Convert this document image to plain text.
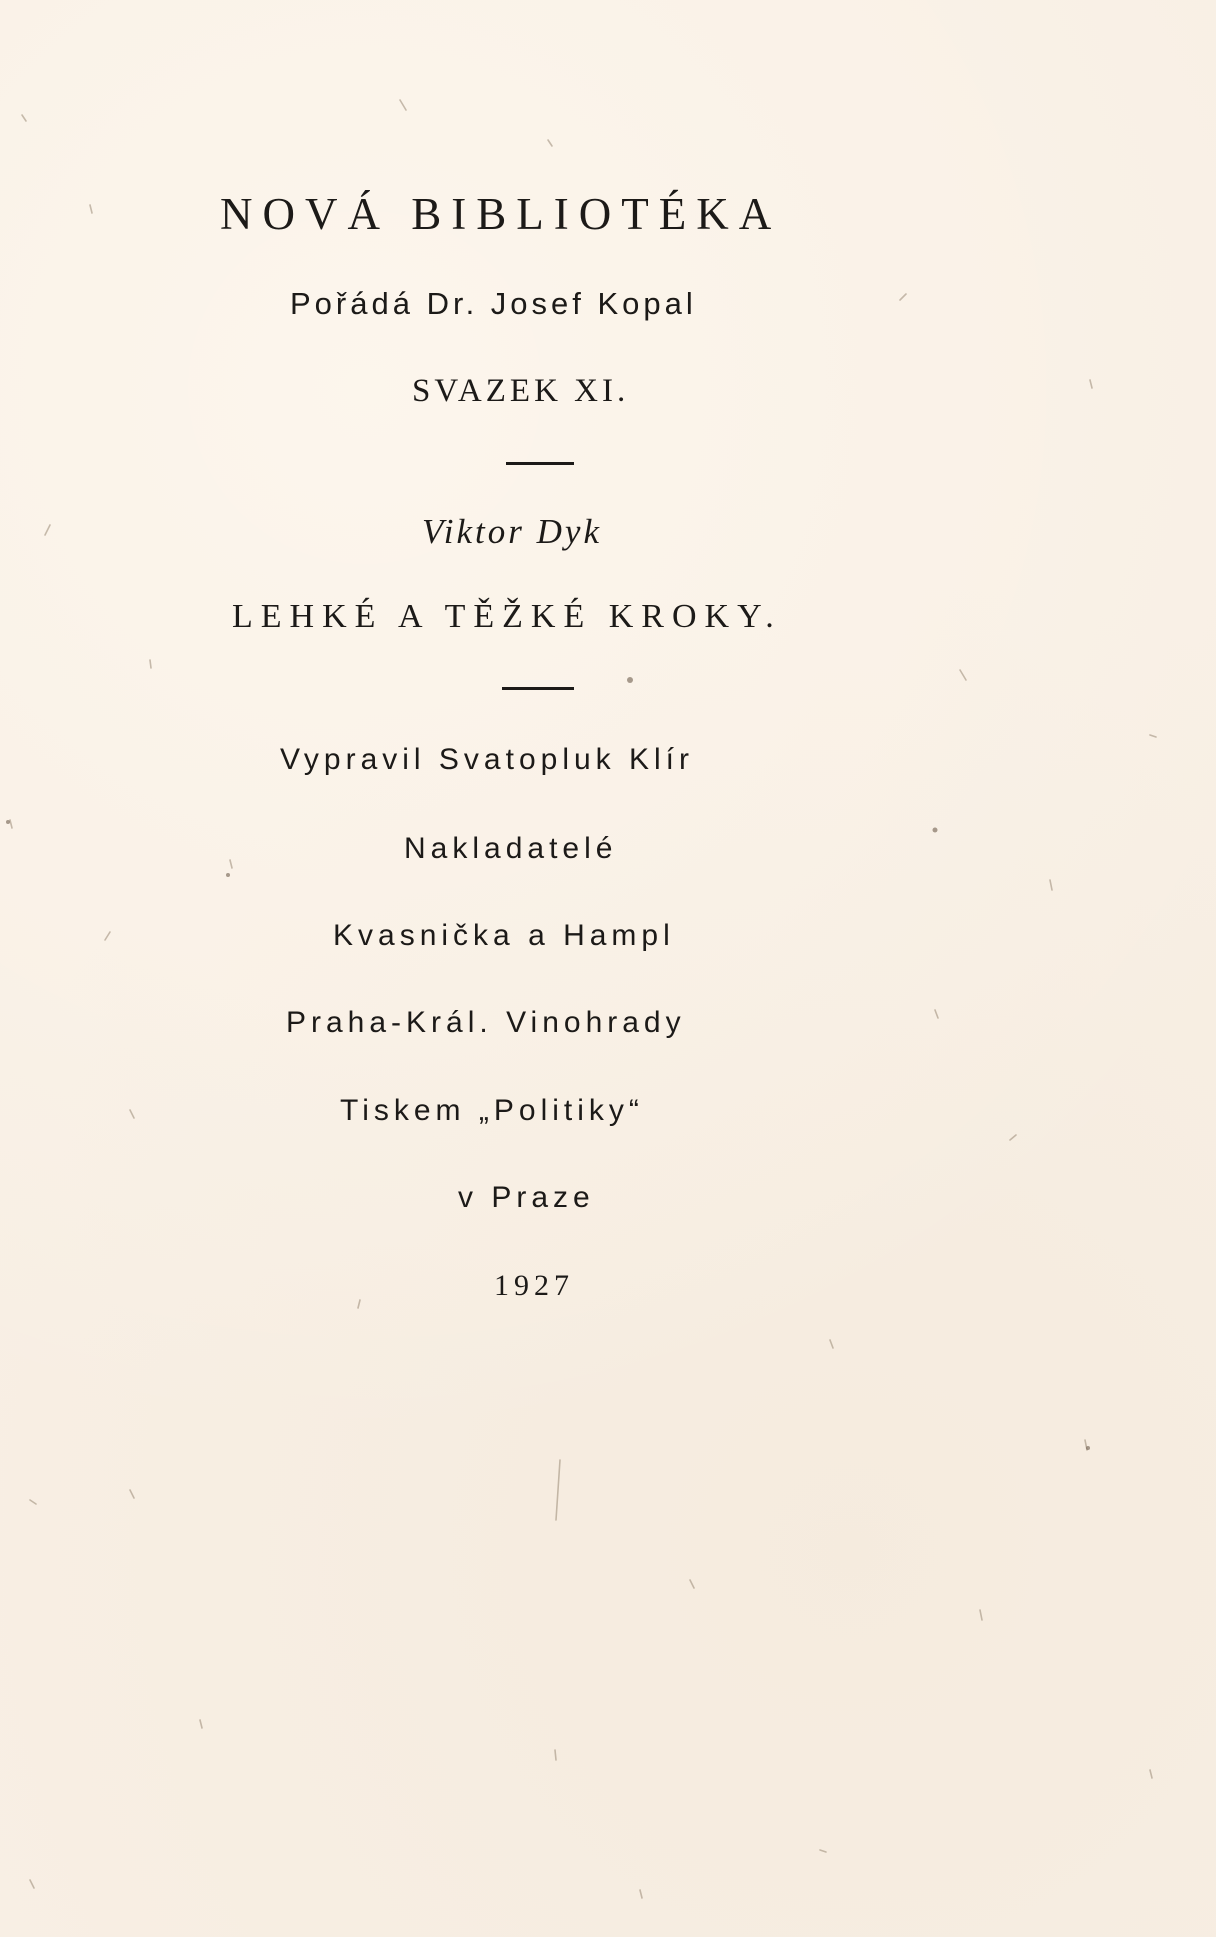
NOVÁ BIBLIOTÉKA
Pořádá Dr. Josef Kopal
SVAZEK XI.
Viktor Dyk
LEHKÉ A TĚŽKÉ KROKY.
Vypravil Svatopluk Klír
Nakladatelé
Kvasnička a Hampl
Praha-Král. Vinohrady
Tiskem „Politiky“
v Praze
1927
